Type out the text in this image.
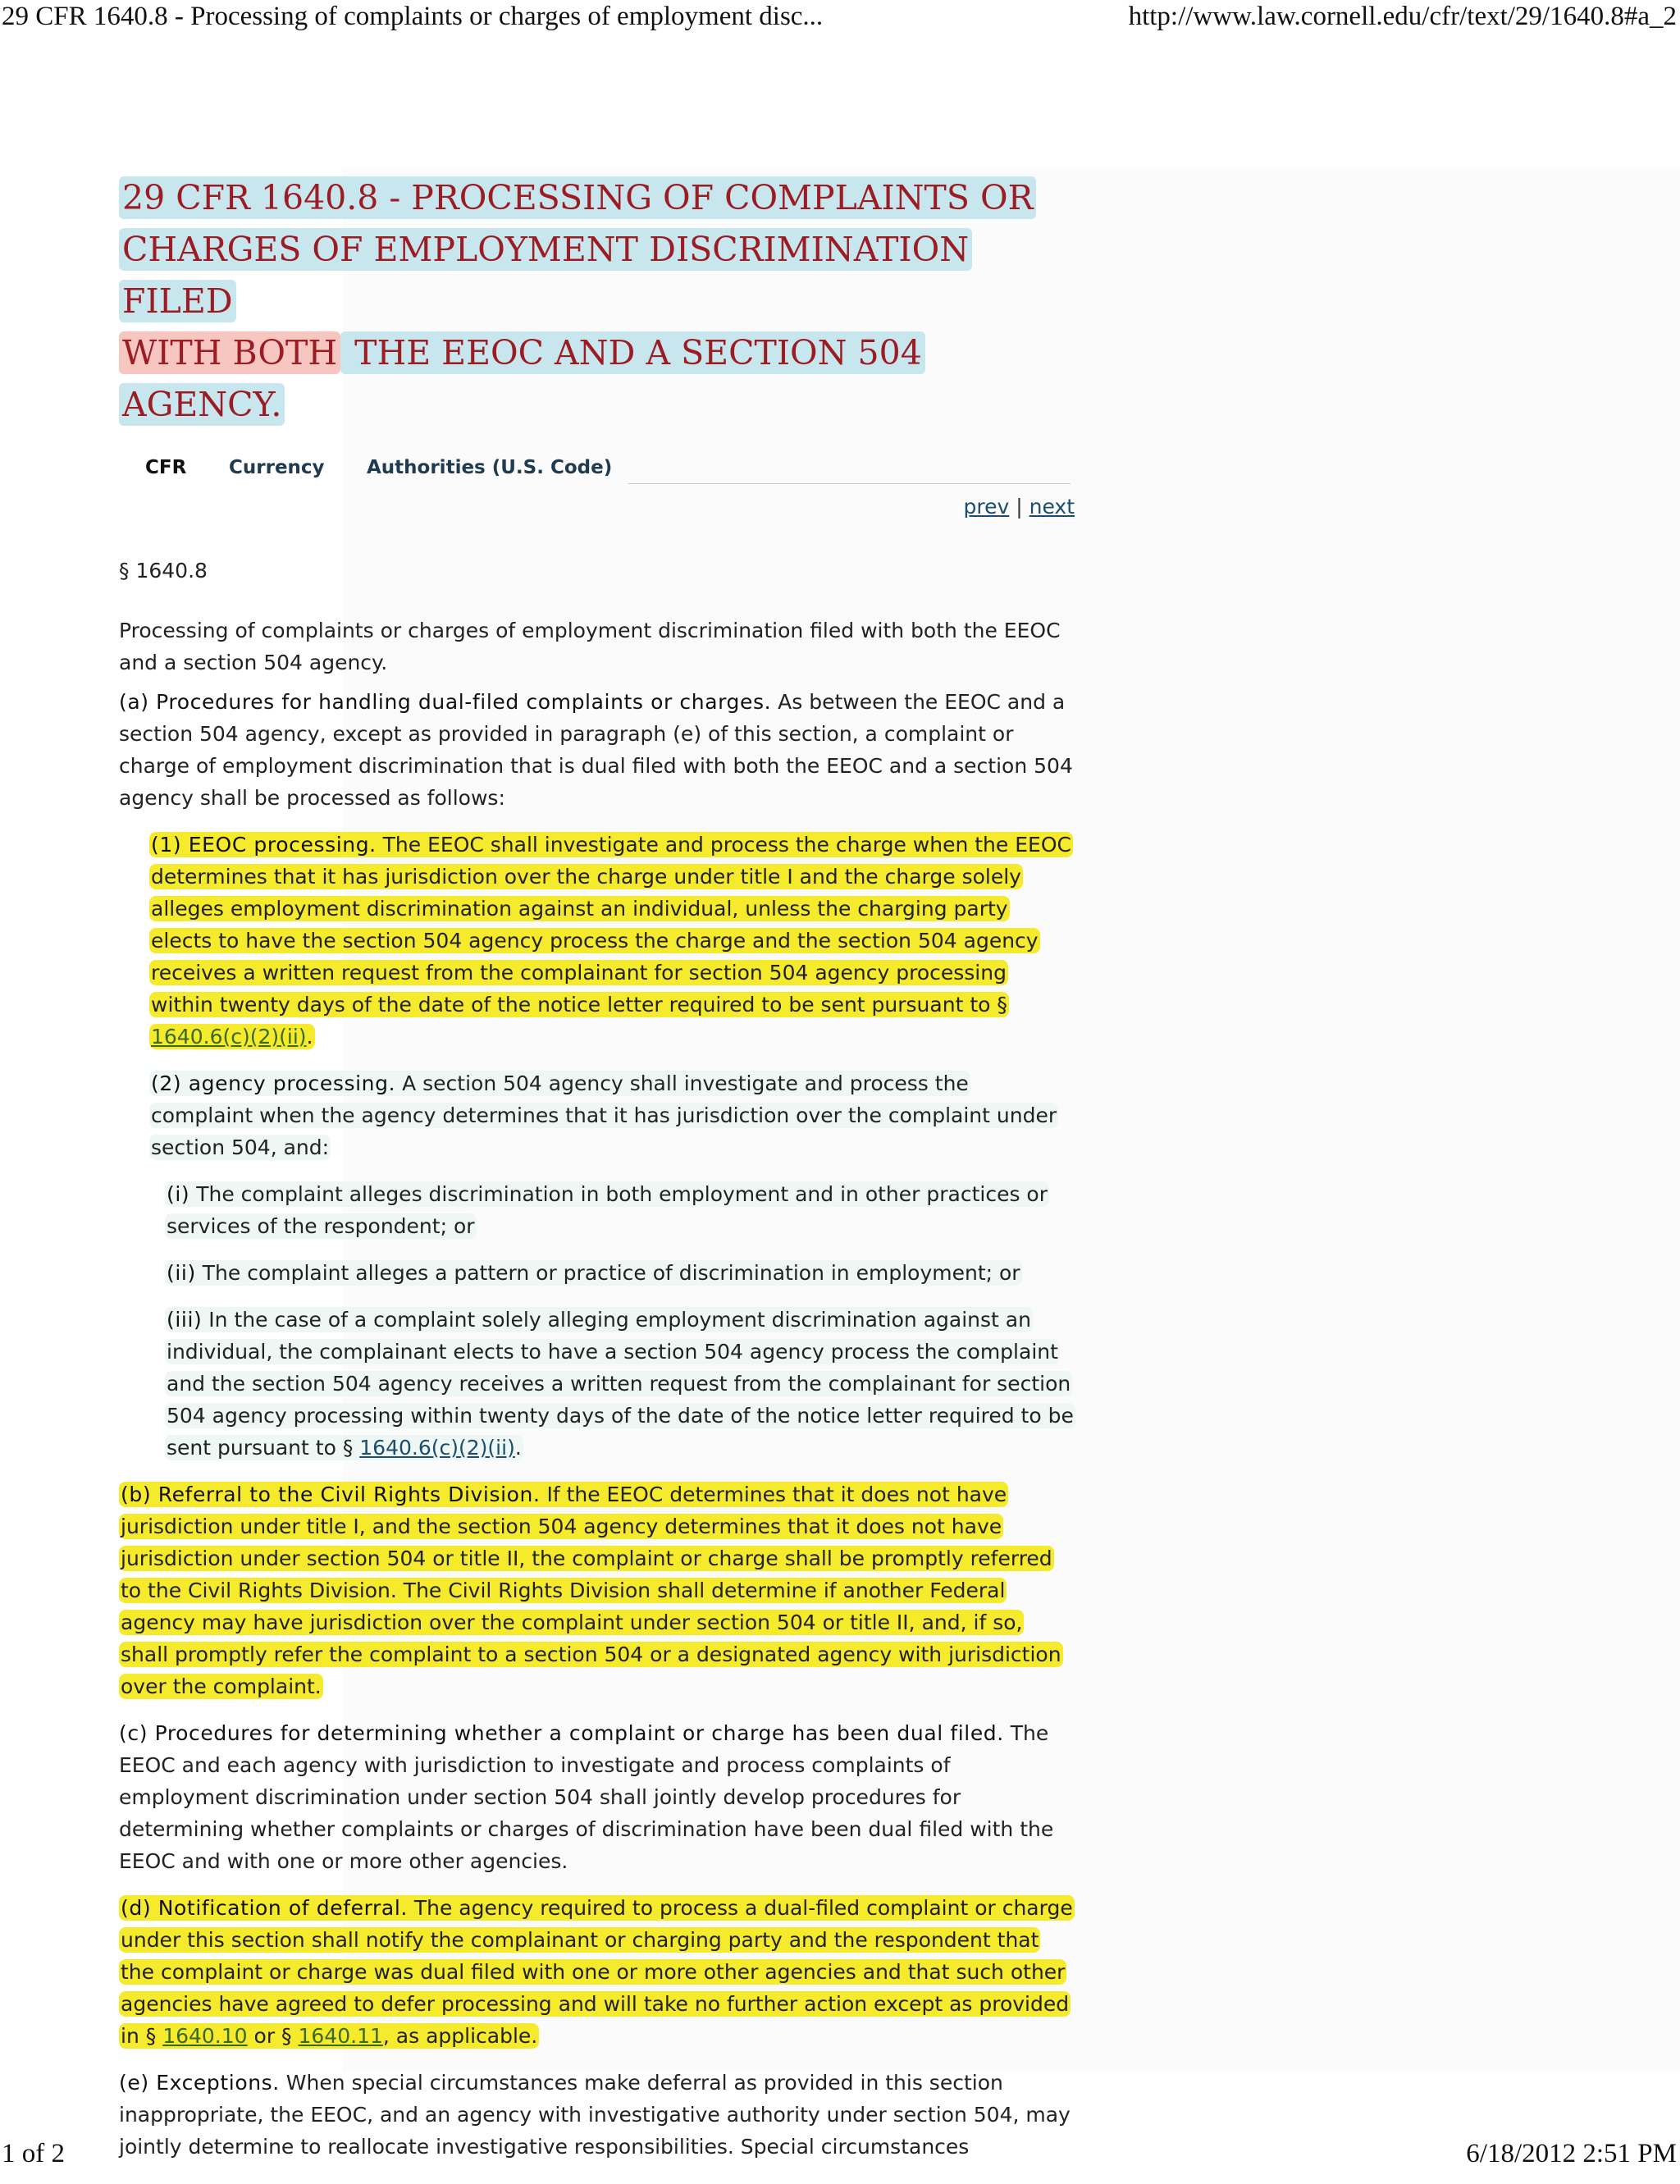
29 CFR 1640.8 - Processing of complaints or charges of employment disc...	http://www.law.cornell.edu/cfr/text/29/1640.8#a_2
29 CFR 1640.8 - PROCESSING OF COMPLAINTS OR
CHARGES OF EMPLOYMENT DISCRIMINATION FILED
WITH BOTH THE EEOC AND A SECTION 504 AGENCY.
CFR Currency Authorities (U.S. Code)
prev | next
§ 1640.8

Processing of complaints or charges of employment discrimination filed with both the EEOC and a section 504 agency.

(a) Procedures for handling dual-filed complaints or charges. As between the EEOC and a section 504 agency, except as provided in paragraph (e) of this section, a complaint or charge of employment discrimination that is dual filed with both the EEOC and a section 504 agency shall be processed as follows:

(1) EEOC processing. The EEOC shall investigate and process the charge when the EEOC determines that it has jurisdiction over the charge under title I and the charge solely alleges employment discrimination against an individual, unless the charging party elects to have the section 504 agency process the charge and the section 504 agency receives a written request from the complainant for section 504 agency processing within twenty days of the date of the notice letter required to be sent pursuant to § 1640.6(c)(2)(ii).

(2) agency processing. A section 504 agency shall investigate and process the complaint when the agency determines that it has jurisdiction over the complaint under section 504, and:

(i) The complaint alleges discrimination in both employment and in other practices or services of the respondent; or

(ii) The complaint alleges a pattern or practice of discrimination in employment; or

(iii) In the case of a complaint solely alleging employment discrimination against an individual, the complainant elects to have a section 504 agency process the complaint and the section 504 agency receives a written request from the complainant for section 504 agency processing within twenty days of the date of the notice letter required to be sent pursuant to § 1640.6(c)(2)(ii).

(b) Referral to the Civil Rights Division. If the EEOC determines that it does not have jurisdiction under title I, and the section 504 agency determines that it does not have jurisdiction under section 504 or title II, the complaint or charge shall be promptly referred to the Civil Rights Division. The Civil Rights Division shall determine if another Federal agency may have jurisdiction over the complaint under section 504 or title II, and, if so, shall promptly refer the complaint to a section 504 or a designated agency with jurisdiction over the complaint.

(c) Procedures for determining whether a complaint or charge has been dual filed. The EEOC and each agency with jurisdiction to investigate and process complaints of employment discrimination under section 504 shall jointly develop procedures for determining whether complaints or charges of discrimination have been dual filed with the EEOC and with one or more other agencies.

(d) Notification of deferral. The agency required to process a dual-filed complaint or charge under this section shall notify the complainant or charging party and the respondent that the complaint or charge was dual filed with one or more other agencies and that such other agencies have agreed to defer processing and will take no further action except as provided in § 1640.10 or § 1640.11, as applicable.

(e) Exceptions. When special circumstances make deferral as provided in this section inappropriate, the EEOC, and an agency with investigative authority under section 504, may jointly determine to reallocate investigative responsibilities. Special circumstances

1 of 2	6/18/2012 2:51 PM
